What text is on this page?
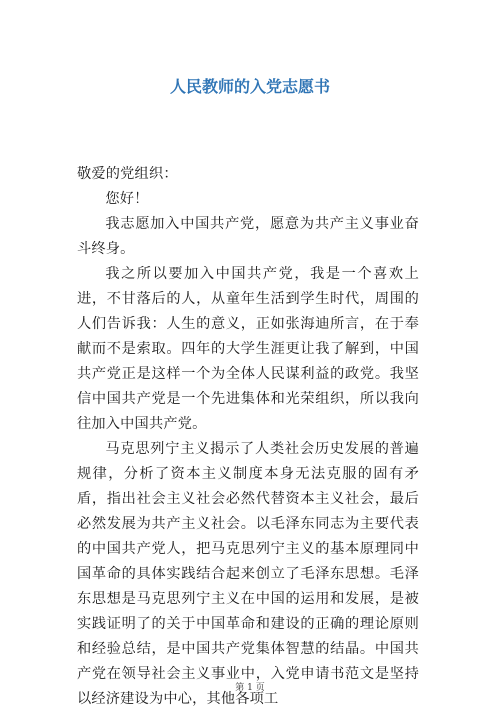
人民教师的入党志愿书

敬爱的党组织：

您好！

我志愿加入中国共产党，愿意为共产主义事业奋斗终身。

我之所以要加入中国共产党，我是一个喜欢上进，不甘落后的人，从童年生活到学生时代，周围的人们告诉我：人生的意义，正如张海迪所言，在于奉献而不是索取。四年的大学生涯更让我了解到，中国共产党正是这样一个为全体人民谋利益的政党。我坚信中国共产党是一个先进集体和光荣组织，所以我向往加入中国共产党。

马克思列宁主义揭示了人类社会历史发展的普遍规律，分析了资本主义制度本身无法克服的固有矛盾，指出社会主义社会必然代替资本主义社会，最后必然发展为共产主义社会。以毛泽东同志为主要代表的中国共产党人，把马克思列宁主义的基本原理同中国革命的具体实践结合起来创立了毛泽东思想。毛泽东思想是马克思列宁主义在中国的运用和发展，是被实践证明了的关于中国革命和建设的正确的理论原则和经验总结，是中国共产党集体智慧的结晶。中国共产党在领导社会主义事业中，入党申请书范文是坚持以经济建设为中心，其他各项工

第 1 页
